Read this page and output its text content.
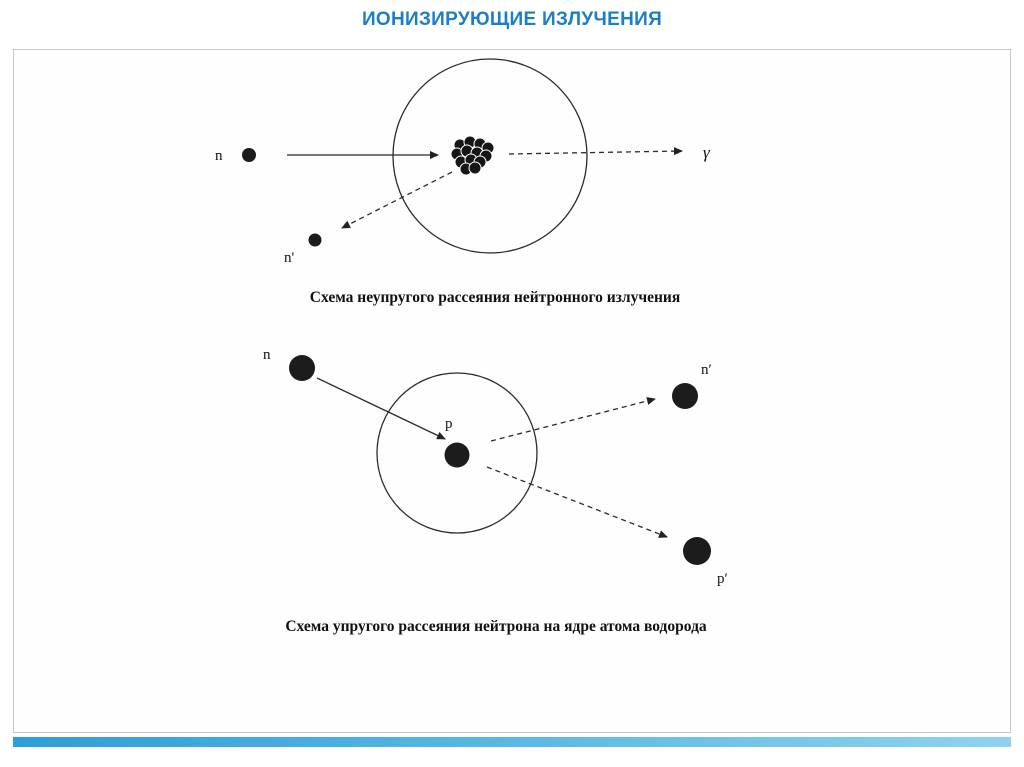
ИОНИЗИРУЮЩИЕ ИЗЛУЧЕНИЯ
n	γ
n'
Схема неупругого рассеяния нейтронного излучения
n
p
n′
p′
Схема упругого рассеяния нейтрона на ядре атома водорода
